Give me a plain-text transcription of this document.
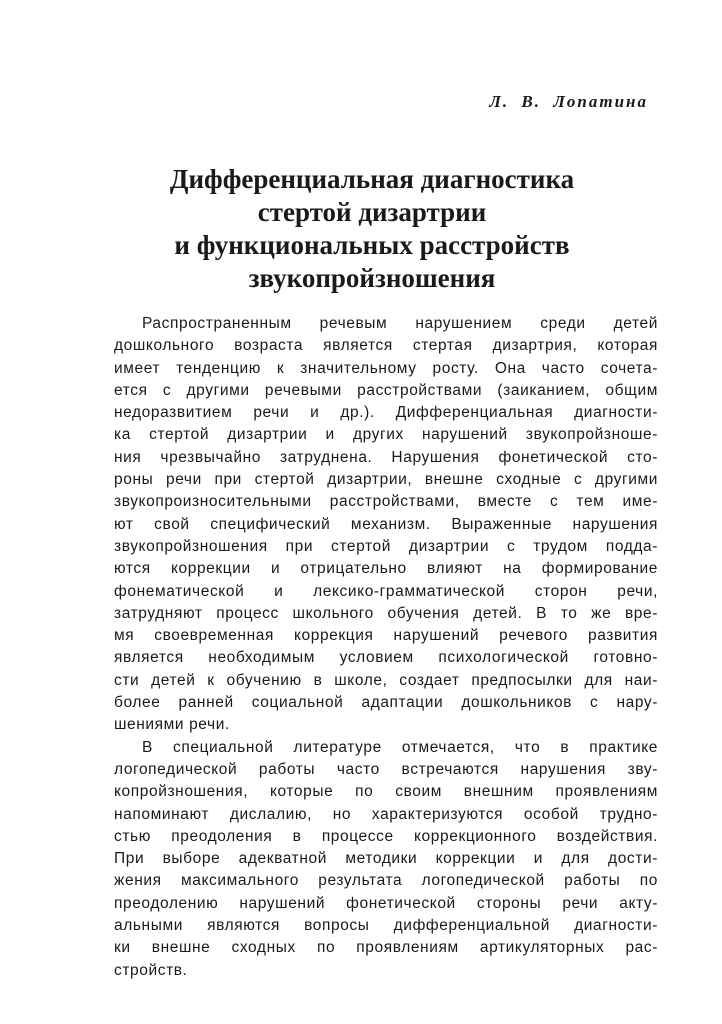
Л. В. Лопатина
Дифференциальная диагностика
стертой дизартрии
и функциональных расстройств
звукопройзношения
Распространенным речевым нарушением среди детей
дошкольного возраста является стертая дизартрия, которая
имеет тенденцию к значительному росту. Она часто сочета-
ется с другими речевыми расстройствами (заиканием, общим
недоразвитием речи и др.). Дифференциальная диагности-
ка стертой дизартрии и других нарушений звукопройзноше-
ния чрезвычайно затруднена. Нарушения фонетической сто-
роны речи при стертой дизартрии, внешне сходные с другими
звукопроизносительными расстройствами, вместе с тем име-
ют свой специфический механизм. Выраженные нарушения
звукопройзношения при стертой дизартрии с трудом подда-
ются коррекции и отрицательно влияют на формирование
фонематической и лексико-грамматической сторон речи,
затрудняют процесс школьного обучения детей. В то же вре-
мя своевременная коррекция нарушений речевого развития
является необходимым условием психологической готовно-
сти детей к обучению в школе, создает предпосылки для наи-
более ранней социальной адаптации дошкольников с нару-
шениями речи.
В специальной литературе отмечается, что в практике
логопедической работы часто встречаются нарушения зву-
копройзношения, которые по своим внешним проявлениям
напоминают дислалию, но характеризуются особой трудно-
стью преодоления в процессе коррекционного воздействия.
При выборе адекватной методики коррекции и для дости-
жения максимального результата логопедической работы по
преодолению нарушений фонетической стороны речи акту-
альными являются вопросы дифференциальной диагности-
ки внешне сходных по проявлениям артикуляторных рас-
стройств.
